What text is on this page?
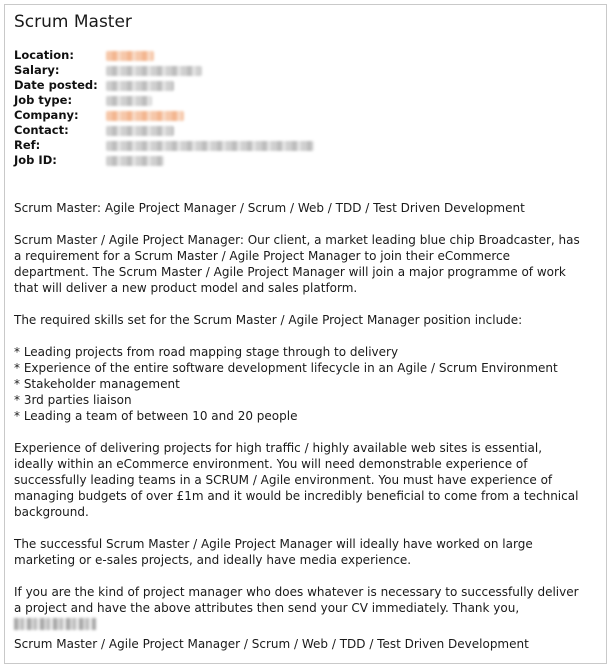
Scrum Master
Location:
Salary:
Date posted:
Job type:
Company:
Contact:
Ref:
Job ID:

Scrum Master: Agile Project Manager / Scrum / Web / TDD / Test Driven Development

Scrum Master / Agile Project Manager: Our client, a market leading blue chip Broadcaster, has a requirement for a Scrum Master / Agile Project Manager to join their eCommerce department. The Scrum Master / Agile Project Manager will join a major programme of work that will deliver a new product model and sales platform.

The required skills set for the Scrum Master / Agile Project Manager position include:

* Leading projects from road mapping stage through to delivery

* Experience of the entire software development lifecycle in an Agile / Scrum Environment

* Stakeholder management

* 3rd parties liaison

* Leading a team of between 10 and 20 people

Experience of delivering projects for high traffic / highly available web sites is essential, ideally within an eCommerce environment. You will need demonstrable experience of successfully leading teams in a SCRUM / Agile environment. You must have experience of managing budgets of over £1m and it would be incredibly beneficial to come from a technical background.

The successful Scrum Master / Agile Project Manager will ideally have worked on large marketing or e-sales projects, and ideally have media experience.

If you are the kind of project manager who does whatever is necessary to successfully deliver a project and have the above attributes then send your CV immediately. Thank you,

Scrum Master / Agile Project Manager / Scrum / Web / TDD / Test Driven Development
